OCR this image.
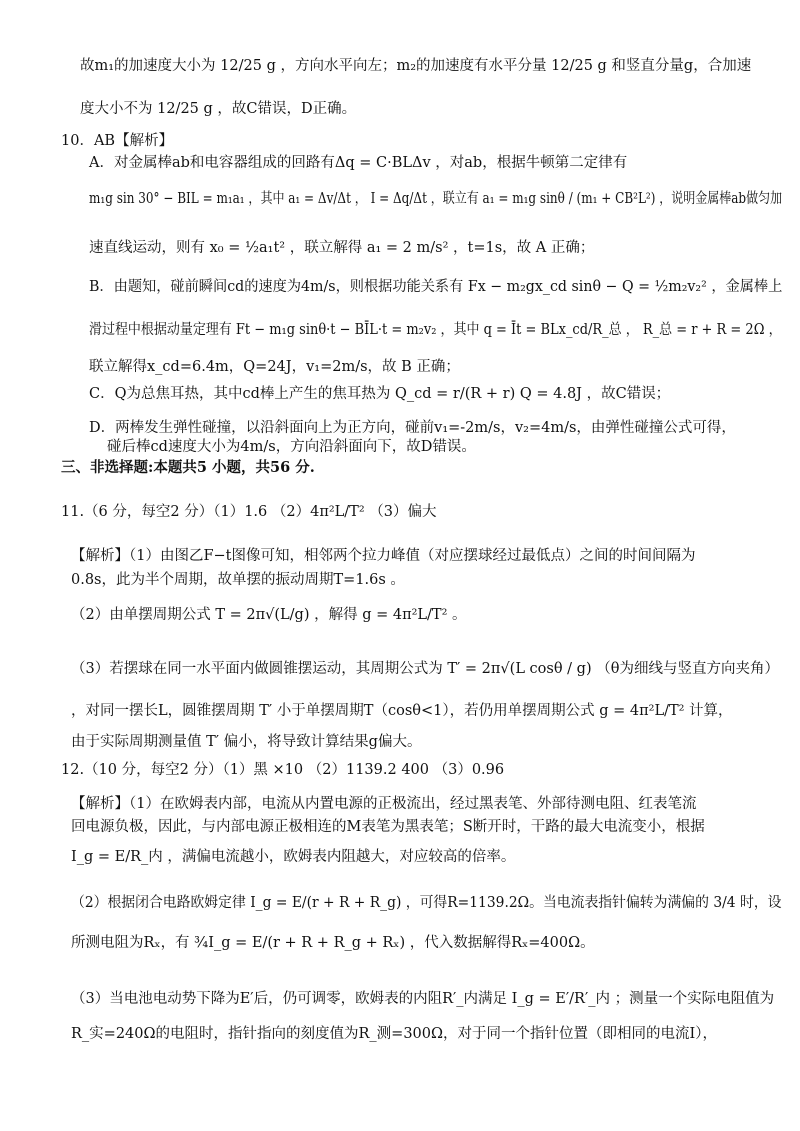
故m₁的加速度大小为 12/25 g ，方向水平向左；m₂的加速度有水平分量 12/25 g 和竖直分量g，合加速
度大小不为 12/25 g ，故C错误，D正确。
10．AB【解析】
A．对金属棒ab和电容器组成的回路有Δq = C·BLΔv ，对ab，根据牛顿第二定律有
m₁g sin 30° − BIL = m₁a₁ ，其中 a₁ = Δv/Δt ， I = Δq/Δt ，联立有 a₁ = m₁g sinθ / (m₁ + CB²L²) ，说明金属棒ab做匀加
速直线运动，则有 x₀ = ½a₁t² ，联立解得 a₁ = 2 m/s² ，t=1s，故 A 正确；
B．由题知，碰前瞬间cd的速度为4m/s，则根据功能关系有 Fx − m₂gx_cd sinθ − Q = ½m₂v₂² ，金属棒上
滑过程中根据动量定理有 Ft − m₁g sinθ·t − BĪL·t = m₂v₂ ，其中 q = Īt = BLx_cd/R_总 ， R_总 = r + R = 2Ω ，
联立解得x_cd=6.4m，Q=24J，v₁=2m/s，故 B 正确；
C．Q为总焦耳热，其中cd棒上产生的焦耳热为 Q_cd = r/(R + r) Q = 4.8J ，故C错误；
D．两棒发生弹性碰撞，以沿斜面向上为正方向，碰前v₁=-2m/s，v₂=4m/s，由弹性碰撞公式可得，
碰后棒cd速度大小为4m/s，方向沿斜面向下，故D错误。
三、非选择题:本题共5 小题，共56 分.
11.（6 分，每空2 分）（1）1.6 （2）4π²L/T² （3）偏大
【解析】（1）由图乙F−t图像可知，相邻两个拉力峰值（对应摆球经过最低点）之间的时间间隔为
0.8s，此为半个周期，故单摆的振动周期T=1.6s 。
（2）由单摆周期公式 T = 2π√(L/g) ，解得 g = 4π²L/T² 。
（3）若摆球在同一水平面内做圆锥摆运动，其周期公式为 T′ = 2π√(L cosθ / g) （θ为细线与竖直方向夹角）
，对同一摆长L，圆锥摆周期 T′ 小于单摆周期T（cosθ<1），若仍用单摆周期公式 g = 4π²L/T² 计算，
由于实际周期测量值 T′ 偏小，将导致计算结果g偏大。
12.（10 分，每空2 分）（1）黑 ×10 （2）1139.2 400 （3）0.96
【解析】（1）在欧姆表内部，电流从内置电源的正极流出，经过黑表笔、外部待测电阻、红表笔流
回电源负极，因此，与内部电源正极相连的M表笔为黑表笔；S断开时，干路的最大电流变小，根据
I_g = E/R_内 ，满偏电流越小，欧姆表内阻越大，对应较高的倍率。
（2）根据闭合电路欧姆定律 I_g = E/(r + R + R_g) ，可得R=1139.2Ω。当电流表指针偏转为满偏的 3/4 时，设
所测电阻为Rₓ，有 ¾I_g = E/(r + R + R_g + Rₓ) ，代入数据解得Rₓ=400Ω。
（3）当电池电动势下降为E′后，仍可调零，欧姆表的内阻R′_内满足 I_g = E′/R′_内 ；测量一个实际电阻值为
R_实=240Ω的电阻时，指针指向的刻度值为R_测=300Ω，对于同一个指针位置（即相同的电流I），
